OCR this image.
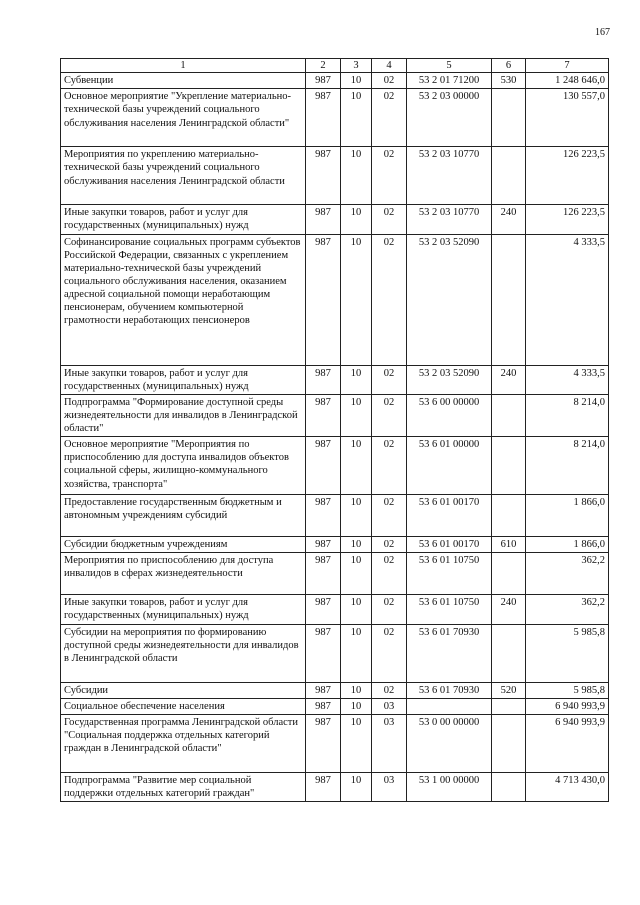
167
1	2	3	4	5	6	7
Субвенции	987	10	02	53 2 01 71200	530	1 248 646,0
Основное мероприятие "Укрепление материально- технической базы учреждений социального обслуживания населения Ленинградской области"	987	10	02	53 2 03 00000		130 557,0
Мероприятия по укреплению материально-технической базы учреждений социального обслуживания населения Ленинградской области	987	10	02	53 2 03 10770		126 223,5
Иные закупки товаров, работ и услуг для государственных (муниципальных) нужд	987	10	02	53 2 03 10770	240	126 223,5
Софинансирование социальных программ субъектов Российской Федерации, связанных с укреплением материально-технической базы учреждений социального обслуживания населения, оказанием адресной социальной помощи неработающим пенсионерам, обучением компьютерной грамотности неработающих пенсионеров	987	10	02	53 2 03 52090		4 333,5
Иные закупки товаров, работ и услуг для государственных (муниципальных) нужд	987	10	02	53 2 03 52090	240	4 333,5
Подпрограмма "Формирование доступной среды жизнедеятельности для инвалидов в Ленинградской области"	987	10	02	53 6 00 00000		8 214,0
Основное мероприятие "Мероприятия по приспособлению для доступа инвалидов объектов социальной сферы, жилищно-коммунального хозяйства, транспорта"	987	10	02	53 6 01 00000		8 214,0
Предоставление государственным бюджетным и автономным учреждениям субсидий	987	10	02	53 6 01 00170		1 866,0
Субсидии бюджетным учреждениям	987	10	02	53 6 01 00170	610	1 866,0
Мероприятия по приспособлению для доступа инвалидов в сферах жизнедеятельности	987	10	02	53 6 01 10750		362,2
Иные закупки товаров, работ и услуг для государственных (муниципальных) нужд	987	10	02	53 6 01 10750	240	362,2
Субсидии на мероприятия по формированию доступной среды жизнедеятельности для инвалидов в Ленинградской области	987	10	02	53 6 01 70930		5 985,8
Субсидии	987	10	02	53 6 01 70930	520	5 985,8
Социальное обеспечение населения	987	10	03			6 940 993,9
Государственная программа Ленинградской области "Социальная поддержка отдельных категорий граждан в Ленинградской области"	987	10	03	53 0 00 00000		6 940 993,9
Подпрограмма "Развитие мер социальной поддержки отдельных категорий граждан"	987	10	03	53 1 00 00000		4 713 430,0
